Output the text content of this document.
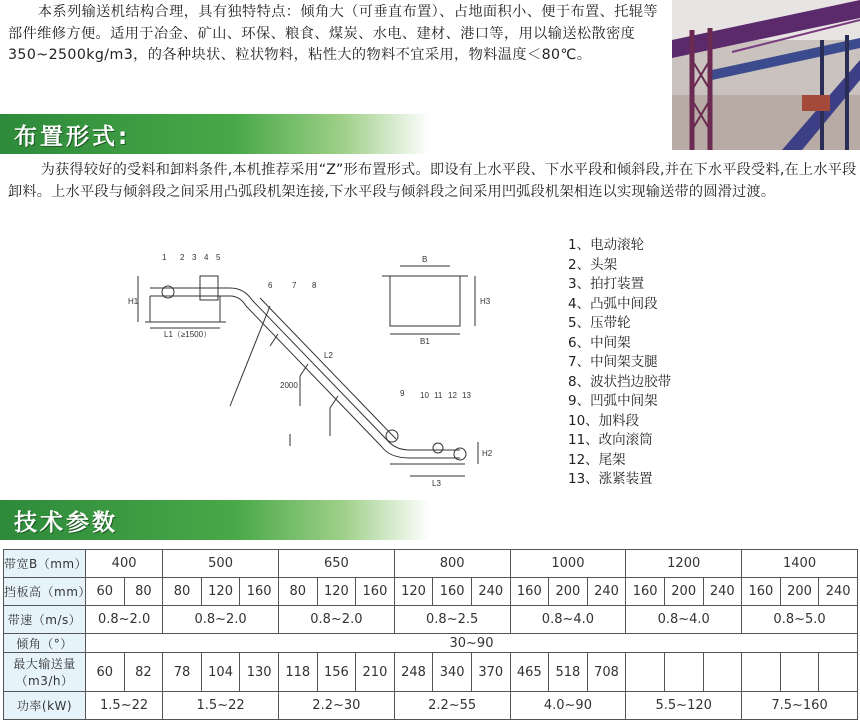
本系列输送机结构合理，具有独特特点：倾角大（可垂直布置）、占地面积小、便于布置、托辊等部件维修方便。适用于冶金、矿山、环保、粮食、煤炭、水电、建材、港口等，用以输送松散密度350~2500kg/m3，的各种块状、粒状物料，粘性大的物料不宜采用，物料温度＜80℃。

布置形式:

为获得较好的受料和卸料条件,本机推荐采用“Z”形布置形式。即设有上水平段、下水平段和倾斜段,并在下水平段受料,在上水平段卸料。上水平段与倾斜段之间采用凸弧段机架连接,下水平段与倾斜段之间采用凹弧段机架相连以实现输送带的圆滑过渡。

1 2 3 4 5
6 7 8
9 10 11 12 13
H1
L1（≥1500）
L2
2000
L3
H2
B
B1
H3
1、电动滚轮
2、头架
3、拍打装置
4、凸弧中间段
5、压带轮
6、中间架
7、中间架支腿
8、波状挡边胶带
9、凹弧中间架
10、加料段
11、改向滚筒
12、尾架
13、涨紧装置
技术参数
带宽B（mm）	400		500			650			800			1000			1200			1400		
挡板高（mm）	60	80	80	120	160	80	120	160	120	160	240	160	200	240	160	200	240	160	200	240
带速（m/s）	0.8~2.0		0.8~2.0			0.8~2.0			0.8~2.5			0.8~4.0			0.8~4.0			0.8~5.0		
倾角（°）	30~90																			

最大输送量
（m3/h）	60	82	78	104	130	118	156	210	248	340	370	465	518	708						
功率(kW)	1.5~22		1.5~22			2.2~30			2.2~55			4.0~90			5.5~120			7.5~160		
